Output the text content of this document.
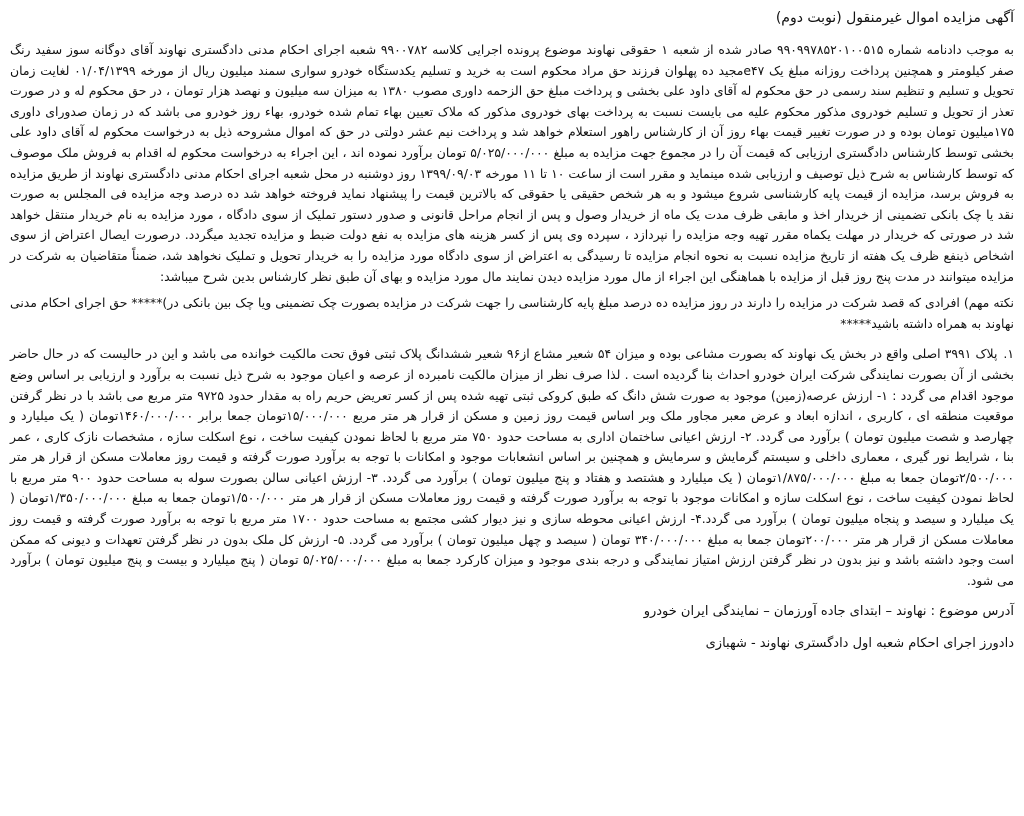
آگهی مزایده اموال غیرمنقول (نوبت دوم)

به موجب دادنامه شماره ۹۹۰۹۹۷۸۵۲۰۱۰۰۵۱۵ صادر شده از شعبه ۱ حقوقی نهاوند موضوع پرونده اجرایی کلاسه ۹۹۰۰۷۸۲ شعبه اجرای احکام مدنی دادگستری نهاوند آقای دوگانه سوز سفید رنگ صفر کیلومتر و همچنین پرداخت روزانه مبلغ یک e۴۷مجید ده پهلوان فرزند حق مراد محکوم است به خرید و تسلیم یکدستگاه خودرو سواری سمند میلیون ریال از مورخه ۰۱/۰۴/۱۳۹۹ لغایت زمان تحویل و تسلیم و تنظیم سند رسمی در حق محکوم له آقای داود علی بخشی و پرداخت مبلغ حق الزحمه داوری مصوب ۱۳۸۰ به میزان سه میلیون و نهصد هزار تومان ، در حق محکوم له و در صورت تعذر از تحویل و تسلیم خودروی مذکور محکوم علیه می بایست نسبت به پرداخت بهای خودروی مذکور که ملاک تعیین بهاء تمام شده خودرو، بهاء روز خودرو می باشد که در زمان صدورای داوری ۱۷۵میلیون تومان بوده و در صورت تغییر قیمت بهاء روز آن از کارشناس راهور استعلام خواهد شد و پرداخت نیم عشر دولتی در حق که اموال مشروحه ذیل به درخواست محکوم له آقای داود علی بخشی توسط کارشناس دادگستری ارزیابی که قیمت آن را در مجموع جهت مزایده به مبلغ ۵/۰۲۵/۰۰۰/۰۰۰ تومان برآورد نموده اند ، این اجراء به درخواست محکوم له اقدام به فروش ملک موصوف که توسط کارشناس به شرح ذیل توصیف و ارزیابی شده مینماید و مقرر است از ساعت ۱۰ تا ۱۱ مورخه ۱۳۹۹/۰۹/۰۳ روز دوشنبه در محل شعبه اجرای احکام مدنی دادگستری نهاوند از طریق مزایده به فروش برسد، مزایده از قیمت پایه کارشناسی شروع میشود و به هر شخص حقیقی یا حقوقی که بالاترین قیمت را پیشنهاد نماید فروخته خواهد شد ده درصد وجه مزایده فی المجلس به صورت نقد یا چک بانکی تضمینی از خریدار اخذ و مابقی ظرف مدت یک ماه از خریدار وصول و پس از انجام مراحل قانونی و صدور دستور تملیک از سوی دادگاه ، مورد مزایده به نام خریدار منتقل خواهد شد در صورتی که خریدار در مهلت یکماه مقرر تهیه وجه مزایده را نپردازد ، سپرده وی پس از کسر هزینه های مزایده به نفع دولت ضبط و مزایده تجدید میگردد. درصورت ایصال اعتراض از سوی اشخاص ذینفع ظرف یک هفته از تاریخ مزایده نسبت به نحوه انجام مزایده تا رسیدگی به اعتراض از سوی دادگاه مورد مزایده را به خریدار تحویل و تملیک نخواهد شد، ضمناً متقاضیان به شرکت در مزایده میتوانند در مدت پنج روز قبل از مزایده با هماهنگی این اجراء از مال مورد مزایده دیدن نمایند مال مورد مزایده و بهای آن طبق نظر کارشناس بدین شرح میباشد:

نکته مهم) افرادی که قصد شرکت در مزایده را دارند در روز مزایده ده درصد مبلغ پایه کارشناسی را جهت شرکت در مزایده بصورت چک تضمینی ویا چک بین بانکی در)***** حق اجرای احکام مدنی نهاوند به همراه داشته باشید*****

۱.پلاک ۳۹۹۱ اصلی واقع در بخش یک نهاوند که بصورت مشاعی بوده و میزان ۵۴ شعیر مشاع از۹۶ شعیر ششدانگ پلاک ثبتی فوق تحت مالکیت خوانده می باشد و این در حالیست که در حال حاضر بخشی از آن بصورت نمایندگی شرکت ایران خودرو احداث بنا گردیده است . لذا صرف نظر از میزان مالکیت نامبرده از عرصه و اعیان موجود به شرح ذیل نسبت به برآورد و ارزیابی بر اساس وضع موجود اقدام می گردد : ۱- ارزش عرصه(زمین) موجود به صورت شش دانگ که طبق کروکی ثبتی تهیه شده پس از کسر تعریض حریم راه به مقدار حدود ۹۷۲۵ متر مربع می باشد با در نظر گرفتن موقعیت منطقه ای ، کاربری ، اندازه ابعاد و عرض معبر مجاور ملک وبر اساس قیمت روز زمین و مسکن از قرار هر متر مربع ۱۵/۰۰۰/۰۰۰تومان جمعا برابر ۱۴۶۰/۰۰۰/۰۰۰تومان ( یک میلیارد و چهارصد و شصت میلیون تومان ) برآورد می گردد. ۲- ارزش اعیانی ساختمان اداری به مساحت حدود ۷۵۰ متر مربع با لحاظ نمودن کیفیت ساخت ، نوع اسکلت سازه ، مشخصات نازک کاری ، عمر بنا ، شرایط نور گیری ، معماری داخلی و سیستم گرمایش و سرمایش و همچنین بر اساس انشعابات موجود و امکانات با توجه به برآورد صورت گرفته و قیمت روز معاملات مسکن از قرار هر متر ۲/۵۰۰/۰۰۰تومان جمعا به مبلغ ۱/۸۷۵/۰۰۰/۰۰۰تومان ( یک میلیارد و هشتصد و هفتاد و پنج میلیون تومان ) برآورد می گردد. ۳- ارزش اعیانی سالن بصورت سوله به مساحت حدود ۹۰۰ متر مربع با لحاظ نمودن کیفیت ساخت ، نوع اسکلت سازه و امکانات موجود با توجه به برآورد صورت گرفته و قیمت روز معاملات مسکن از قرار هر متر ۱/۵۰۰/۰۰۰تومان جمعا به مبلغ ۱/۳۵۰/۰۰۰/۰۰۰تومان ( یک میلیارد و سیصد و پنجاه میلیون تومان ) برآورد می گردد.۴- ارزش اعیانی محوطه سازی و نیز دیوار کشی مجتمع به مساحت حدود ۱۷۰۰ متر مربع با توجه به برآورد صورت گرفته و قیمت روز معاملات مسکن از قرار هر متر ۲۰۰/۰۰۰تومان جمعا به مبلغ ۳۴۰/۰۰۰/۰۰۰ تومان ( سیصد و چهل میلیون تومان ) برآورد می گردد. ۵- ارزش کل ملک بدون در نظر گرفتن تعهدات و دیونی که ممکن است وجود داشته باشد و نیز بدون در نظر گرفتن ارزش امتیاز نمایندگی و درجه بندی موجود و میزان کارکرد جمعا به مبلغ ۵/۰۲۵/۰۰۰/۰۰۰ تومان ( پنج میلیارد و بیست و پنج میلیون تومان ) برآورد می شود.

آدرس موضوع : نهاوند – ابتدای جاده آورزمان – نمایندگی ایران خودرو

دادورز اجرای احکام شعبه اول دادگستری نهاوند - شهبازی
